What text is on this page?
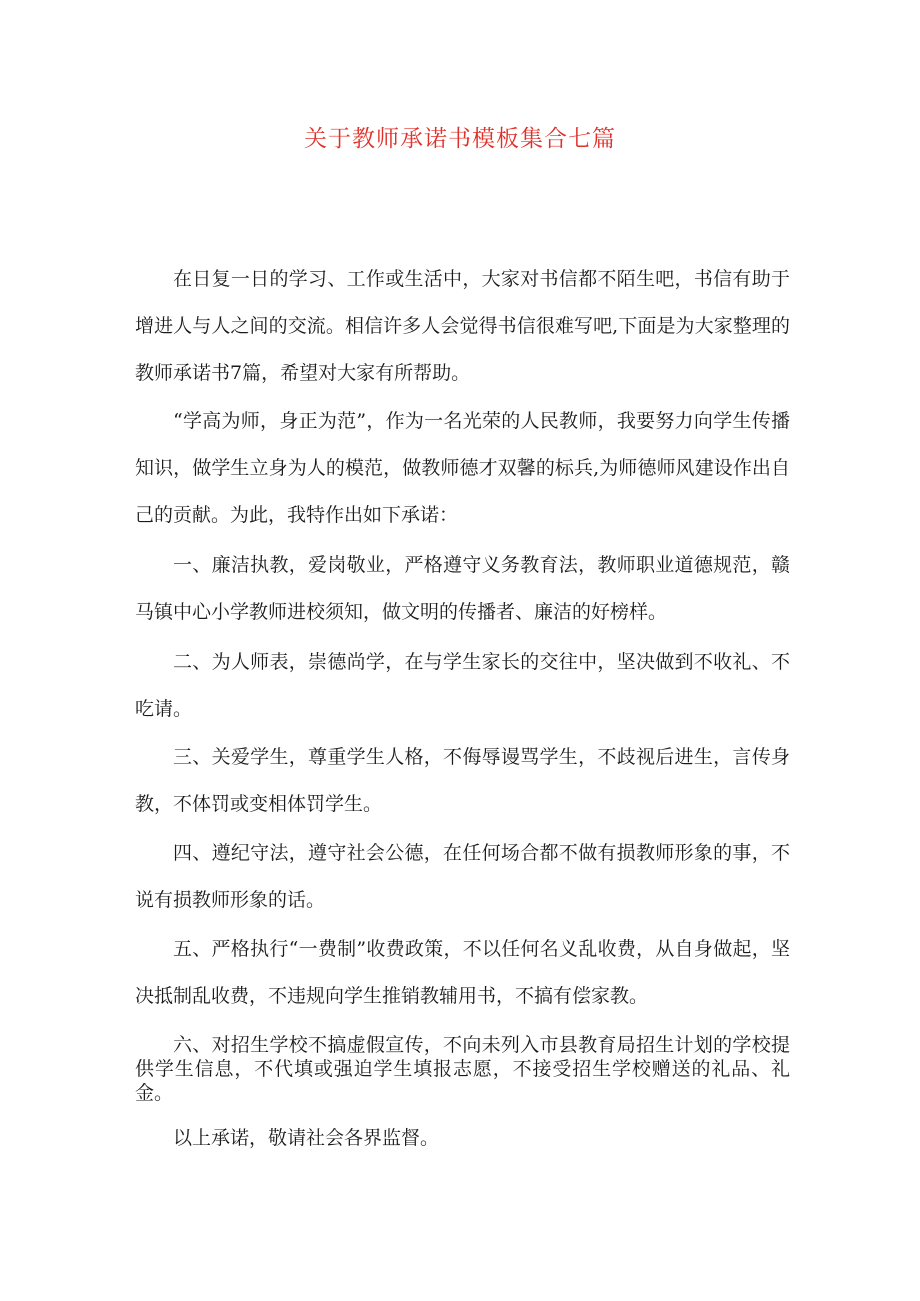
关于教师承诺书模板集合七篇

在日复一日的学习、工作或生活中，大家对书信都不陌生吧，书信有助于增进人与人之间的交流。相信许多人会觉得书信很难写吧,下面是为大家整理的教师承诺书7篇，希望对大家有所帮助。

“学高为师，身正为范”，作为一名光荣的人民教师，我要努力向学生传播知识，做学生立身为人的模范，做教师德才双馨的标兵,为师德师风建设作出自己的贡献。为此，我特作出如下承诺：

一、廉洁执教，爱岗敬业，严格遵守义务教育法，教师职业道德规范，赣马镇中心小学教师进校须知，做文明的传播者、廉洁的好榜样。

二、为人师表，崇德尚学，在与学生家长的交往中，坚决做到不收礼、不吃请。

三、关爱学生，尊重学生人格，不侮辱谩骂学生，不歧视后进生，言传身教，不体罚或变相体罚学生。

四、遵纪守法，遵守社会公德，在任何场合都不做有损教师形象的事，不说有损教师形象的话。

五、严格执行“一费制”收费政策，不以任何名义乱收费，从自身做起，坚决抵制乱收费，不违规向学生推销教辅用书，不搞有偿家教。

六、对招生学校不搞虚假宣传，不向未列入市县教育局招生计划的学校提供学生信息，不代填或强迫学生填报志愿，不接受招生学校赠送的礼品、礼金。

以上承诺，敬请社会各界监督。
